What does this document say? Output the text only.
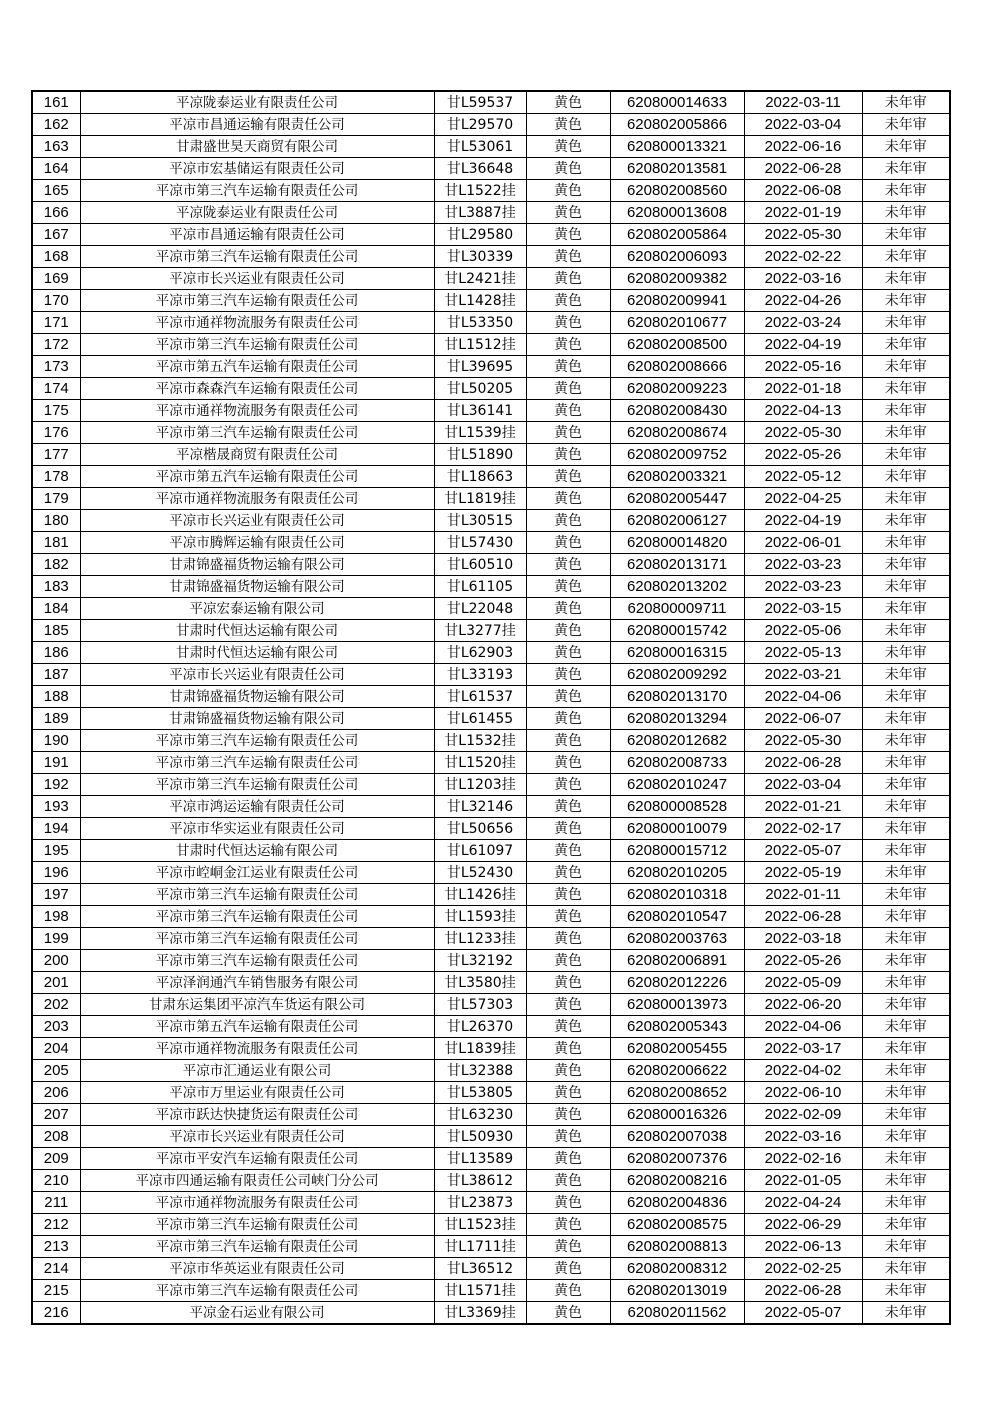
161	平凉陇泰运业有限责任公司	甘L59537	黄色	620800014633	2022-03-11	未年审
162	平凉市昌通运输有限责任公司	甘L29570	黄色	620802005866	2022-03-04	未年审
163	甘肃盛世昊天商贸有限公司	甘L53061	黄色	620800013321	2022-06-16	未年审
164	平凉市宏基储运有限责任公司	甘L36648	黄色	620802013581	2022-06-28	未年审
165	平凉市第三汽车运输有限责任公司	甘L1522挂	黄色	620802008560	2022-06-08	未年审
166	平凉陇泰运业有限责任公司	甘L3887挂	黄色	620800013608	2022-01-19	未年审
167	平凉市昌通运输有限责任公司	甘L29580	黄色	620802005864	2022-05-30	未年审
168	平凉市第三汽车运输有限责任公司	甘L30339	黄色	620802006093	2022-02-22	未年审
169	平凉市长兴运业有限责任公司	甘L2421挂	黄色	620802009382	2022-03-16	未年审
170	平凉市第三汽车运输有限责任公司	甘L1428挂	黄色	620802009941	2022-04-26	未年审
171	平凉市通祥物流服务有限责任公司	甘L53350	黄色	620802010677	2022-03-24	未年审
172	平凉市第三汽车运输有限责任公司	甘L1512挂	黄色	620802008500	2022-04-19	未年审
173	平凉市第五汽车运输有限责任公司	甘L39695	黄色	620802008666	2022-05-16	未年审
174	平凉市森森汽车运输有限责任公司	甘L50205	黄色	620802009223	2022-01-18	未年审
175	平凉市通祥物流服务有限责任公司	甘L36141	黄色	620802008430	2022-04-13	未年审
176	平凉市第三汽车运输有限责任公司	甘L1539挂	黄色	620802008674	2022-05-30	未年审
177	平凉楷晟商贸有限责任公司	甘L51890	黄色	620802009752	2022-05-26	未年审
178	平凉市第五汽车运输有限责任公司	甘L18663	黄色	620802003321	2022-05-12	未年审
179	平凉市通祥物流服务有限责任公司	甘L1819挂	黄色	620802005447	2022-04-25	未年审
180	平凉市长兴运业有限责任公司	甘L30515	黄色	620802006127	2022-04-19	未年审
181	平凉市腾辉运输有限责任公司	甘L57430	黄色	620800014820	2022-06-01	未年审
182	甘肃锦盛福货物运输有限公司	甘L60510	黄色	620802013171	2022-03-23	未年审
183	甘肃锦盛福货物运输有限公司	甘L61105	黄色	620802013202	2022-03-23	未年审
184	平凉宏泰运输有限公司	甘L22048	黄色	620800009711	2022-03-15	未年审
185	甘肃时代恒达运输有限公司	甘L3277挂	黄色	620800015742	2022-05-06	未年审
186	甘肃时代恒达运输有限公司	甘L62903	黄色	620800016315	2022-05-13	未年审
187	平凉市长兴运业有限责任公司	甘L33193	黄色	620802009292	2022-03-21	未年审
188	甘肃锦盛福货物运输有限公司	甘L61537	黄色	620802013170	2022-04-06	未年审
189	甘肃锦盛福货物运输有限公司	甘L61455	黄色	620802013294	2022-06-07	未年审
190	平凉市第三汽车运输有限责任公司	甘L1532挂	黄色	620802012682	2022-05-30	未年审
191	平凉市第三汽车运输有限责任公司	甘L1520挂	黄色	620802008733	2022-06-28	未年审
192	平凉市第三汽车运输有限责任公司	甘L1203挂	黄色	620802010247	2022-03-04	未年审
193	平凉市鸿运运输有限责任公司	甘L32146	黄色	620800008528	2022-01-21	未年审
194	平凉市华实运业有限责任公司	甘L50656	黄色	620800010079	2022-02-17	未年审
195	甘肃时代恒达运输有限公司	甘L61097	黄色	620800015712	2022-05-07	未年审
196	平凉市崆峒金江运业有限责任公司	甘L52430	黄色	620802010205	2022-05-19	未年审
197	平凉市第三汽车运输有限责任公司	甘L1426挂	黄色	620802010318	2022-01-11	未年审
198	平凉市第三汽车运输有限责任公司	甘L1593挂	黄色	620802010547	2022-06-28	未年审
199	平凉市第三汽车运输有限责任公司	甘L1233挂	黄色	620802003763	2022-03-18	未年审
200	平凉市第三汽车运输有限责任公司	甘L32192	黄色	620802006891	2022-05-26	未年审
201	平凉泽润通汽车销售服务有限公司	甘L3580挂	黄色	620802012226	2022-05-09	未年审
202	甘肃东运集团平凉汽车货运有限公司	甘L57303	黄色	620800013973	2022-06-20	未年审
203	平凉市第五汽车运输有限责任公司	甘L26370	黄色	620802005343	2022-04-06	未年审
204	平凉市通祥物流服务有限责任公司	甘L1839挂	黄色	620802005455	2022-03-17	未年审
205	平凉市汇通运业有限公司	甘L32388	黄色	620802006622	2022-04-02	未年审
206	平凉市万里运业有限责任公司	甘L53805	黄色	620802008652	2022-06-10	未年审
207	平凉市跃达快捷货运有限责任公司	甘L63230	黄色	620800016326	2022-02-09	未年审
208	平凉市长兴运业有限责任公司	甘L50930	黄色	620802007038	2022-03-16	未年审
209	平凉市平安汽车运输有限责任公司	甘L13589	黄色	620802007376	2022-02-16	未年审
210	平凉市四通运输有限责任公司峡门分公司	甘L38612	黄色	620802008216	2022-01-05	未年审
211	平凉市通祥物流服务有限责任公司	甘L23873	黄色	620802004836	2022-04-24	未年审
212	平凉市第三汽车运输有限责任公司	甘L1523挂	黄色	620802008575	2022-06-29	未年审
213	平凉市第三汽车运输有限责任公司	甘L1711挂	黄色	620802008813	2022-06-13	未年审
214	平凉市华英运业有限责任公司	甘L36512	黄色	620802008312	2022-02-25	未年审
215	平凉市第三汽车运输有限责任公司	甘L1571挂	黄色	620802013019	2022-06-28	未年审
216	平凉金石运业有限公司	甘L3369挂	黄色	620802011562	2022-05-07	未年审
